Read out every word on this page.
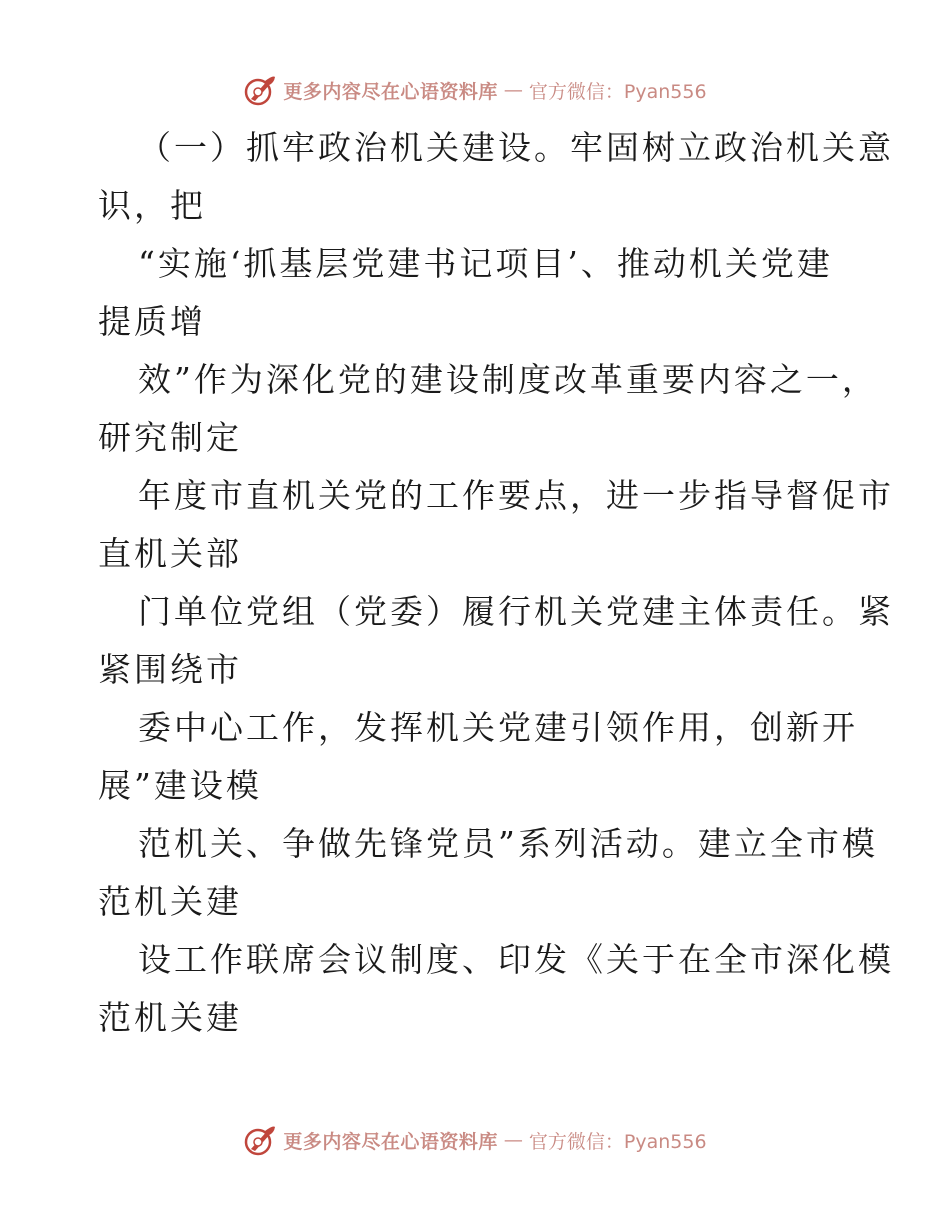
更多内容尽在心语资料库 — 官方微信：Pyan556
（一）抓牢政治机关建设。牢固树立政治机关意
识，把
“实施‘抓基层党建书记项目’、推动机关党建
提质增
效”作为深化党的建设制度改革重要内容之一，
研究制定
年度市直机关党的工作要点，进一步指导督促市
直机关部
门单位党组（党委）履行机关党建主体责任。紧
紧围绕市
委中心工作，发挥机关党建引领作用，创新开
展”建设模
范机关、争做先锋党员”系列活动。建立全市模
范机关建
设工作联席会议制度、印发《关于在全市深化模
范机关建
更多内容尽在心语资料库 — 官方微信：Pyan556
